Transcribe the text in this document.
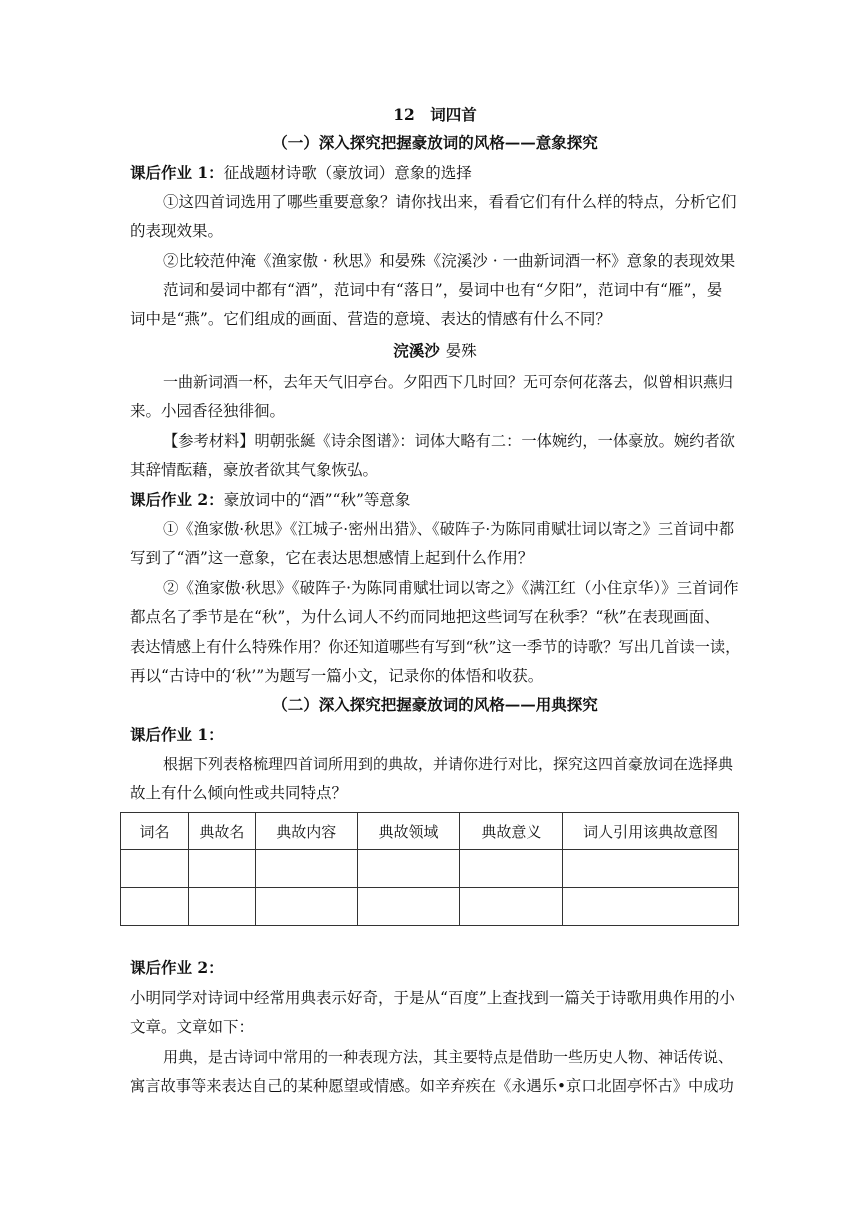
12　词四首
（一）深入探究把握豪放词的风格——意象探究
课后作业 1：征战题材诗歌（豪放词）意象的选择
①这四首词选用了哪些重要意象？请你找出来，看看它们有什么样的特点，分析它们
的表现效果。
②比较范仲淹《渔家傲 · 秋思》和晏殊《浣溪沙 · 一曲新词酒一杯》意象的表现效果
范词和晏词中都有“酒”，范词中有“落日”，晏词中也有“夕阳”，范词中有“雁”，晏
词中是“燕”。它们组成的画面、营造的意境、表达的情感有什么不同？
浣溪沙 晏殊
一曲新词酒一杯，去年天气旧亭台。夕阳西下几时回？无可奈何花落去，似曾相识燕归
来。小园香径独徘徊。
【参考材料】明朝张綖《诗余图谱》：词体大略有二：一体婉约，一体豪放。婉约者欲
其辞情酝藉，豪放者欲其气象恢弘。
课后作业 2：豪放词中的“酒”“秋”等意象
①《渔家傲·秋思》《江城子·密州出猎》、《破阵子·为陈同甫赋壮词以寄之》三首词中都
写到了“酒”这一意象，它在表达思想感情上起到什么作用？
②《渔家傲·秋思》《破阵子·为陈同甫赋壮词以寄之》《满江红（小住京华）》三首词作
都点名了季节是在“秋”，为什么词人不约而同地把这些词写在秋季？“秋”在表现画面、
表达情感上有什么特殊作用？你还知道哪些有写到“秋”这一季节的诗歌？写出几首读一读，
再以“古诗中的‘秋’”为题写一篇小文，记录你的体悟和收获。
（二）深入探究把握豪放词的风格——用典探究
课后作业 1：
根据下列表格梳理四首词所用到的典故，并请你进行对比，探究这四首豪放词在选择典
故上有什么倾向性或共同特点？
词名	典故名	典故内容	典故领域	典故意义	词人引用该典故意图

课后作业 2：
小明同学对诗词中经常用典表示好奇，于是从“百度”上查找到一篇关于诗歌用典作用的小
文章。文章如下：
用典，是古诗词中常用的一种表现方法，其主要特点是借助一些历史人物、神话传说、
寓言故事等来表达自己的某种愿望或情感。如辛弃疾在《永遇乐•京口北固亭怀古》中成功
